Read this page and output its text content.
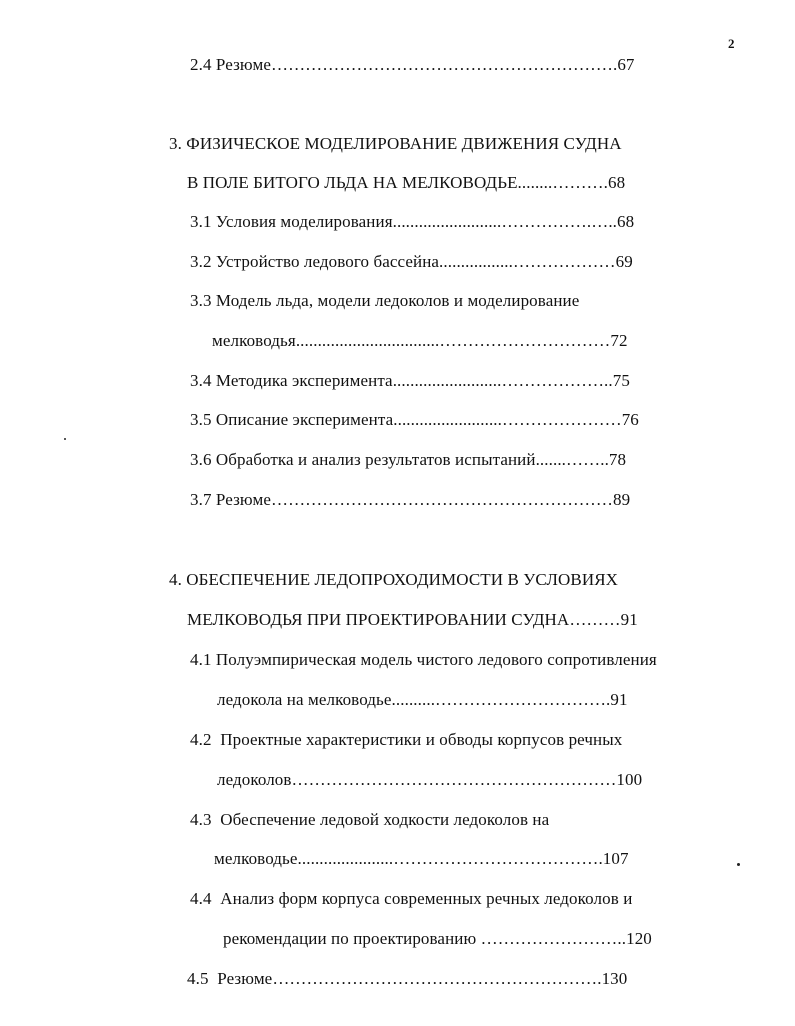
2
2.4 Резюме…………………………………………………….67
3. ФИЗИЧЕСКОЕ МОДЕЛИРОВАНИЕ ДВИЖЕНИЯ СУДНА
В ПОЛЕ БИТОГО ЛЬДА НА МЕЛКОВОДЬЕ........……….68
3.1 Условия моделирования.........................…………….…..68
3.2 Устройство ледового бассейна.................………………69
3.3 Модель льда, модели ледоколов и моделирование
мелководья.................................…………………………72
3.4 Методика эксперимента.........................………………..75
3.5 Описание эксперимента.........................…………………76
3.6 Обработка и анализ результатов испытаний.......……..78
3.7 Резюме……………………………………………………89
4. ОБЕСПЕЧЕНИЕ ЛЕДОПРОХОДИМОСТИ В УСЛОВИЯХ
МЕЛКОВОДЬЯ ПРИ ПРОЕКТИРОВАНИИ СУДНА………91
4.1 Полуэмпирическая модель чистого ледового сопротивления
ледокола на мелководье..........………………………….91
4.2  Проектные характеристики и обводы корпусов речных
ледоколов…………………………………………………100
4.3  Обеспечение ледовой ходкости ледоколов на
мелководье......................……………………………….107
4.4  Анализ форм корпуса современных речных ледоколов и
рекомендации по проектированию ……………………..120
4.5  Резюме………………………………………………….130
